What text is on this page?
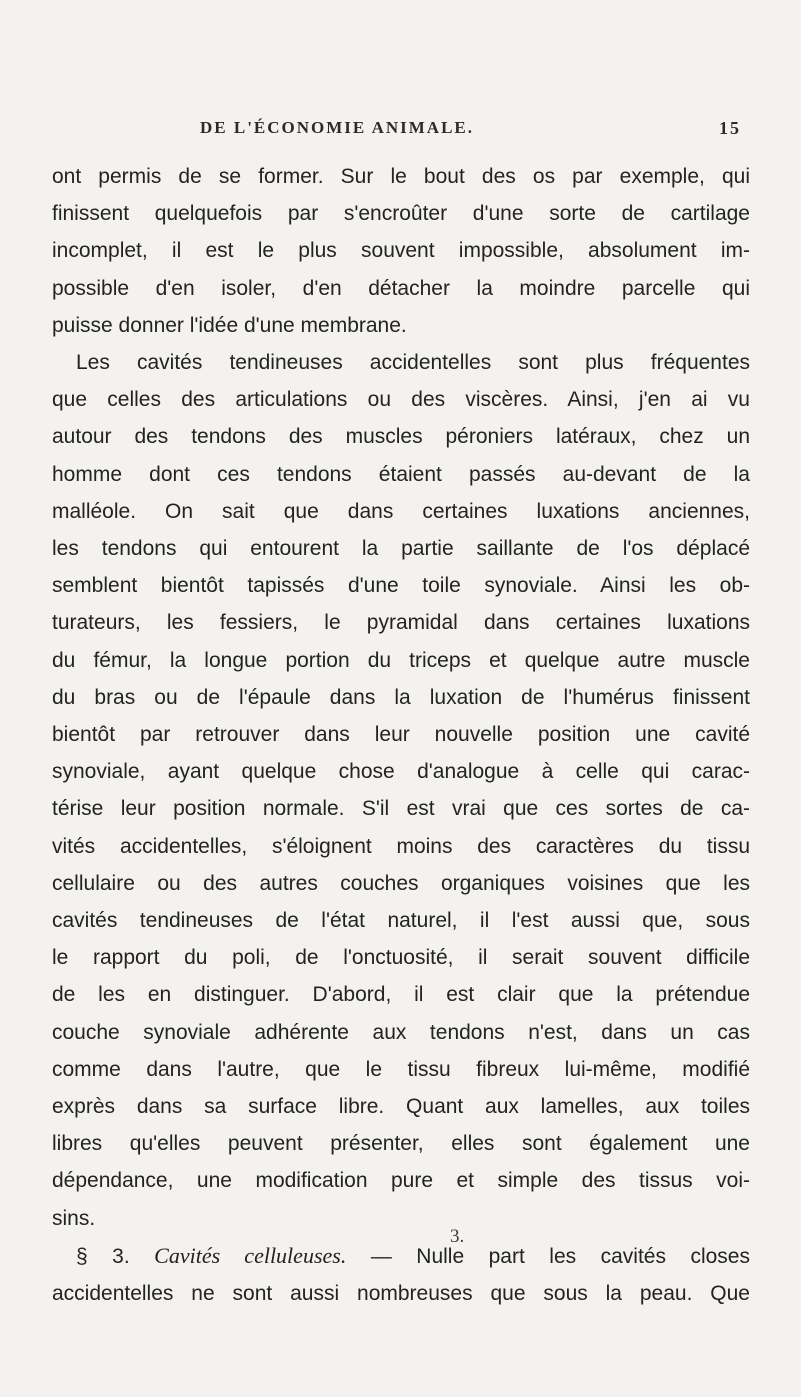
DE L'ÉCONOMIE ANIMALE.	15

ont permis de se former. Sur le bout des os par exemple, qui
finissent quelquefois par s'encroûter d'une sorte de cartilage
incomplet, il est le plus souvent impossible, absolument im-
possible d'en isoler, d'en détacher la moindre parcelle qui
puisse donner l'idée d'une membrane.

Les cavités tendineuses accidentelles sont plus fréquentes
que celles des articulations ou des viscères. Ainsi, j'en ai vu
autour des tendons des muscles péroniers latéraux, chez un
homme dont ces tendons étaient passés au-devant de la
malléole. On sait que dans certaines luxations anciennes,
les tendons qui entourent la partie saillante de l'os déplacé
semblent bientôt tapissés d'une toile synoviale. Ainsi les ob-
turateurs, les fessiers, le pyramidal dans certaines luxations
du fémur, la longue portion du triceps et quelque autre muscle
du bras ou de l'épaule dans la luxation de l'humérus finissent
bientôt par retrouver dans leur nouvelle position une cavité
synoviale, ayant quelque chose d'analogue à celle qui carac-
térise leur position normale. S'il est vrai que ces sortes de ca-
vités accidentelles, s'éloignent moins des caractères du tissu
cellulaire ou des autres couches organiques voisines que les
cavités tendineuses de l'état naturel, il l'est aussi que, sous
le rapport du poli, de l'onctuosité, il serait souvent difficile
de les en distinguer. D'abord, il est clair que la prétendue
couche synoviale adhérente aux tendons n'est, dans un cas
comme dans l'autre, que le tissu fibreux lui-même, modifié
exprès dans sa surface libre. Quant aux lamelles, aux toiles
libres qu'elles peuvent présenter, elles sont également une
dépendance, une modification pure et simple des tissus voi-
sins.

§ 3. Cavités celluleuses. — Nulle part les cavités closes
accidentelles ne sont aussi nombreuses que sous la peau. Que

3.
